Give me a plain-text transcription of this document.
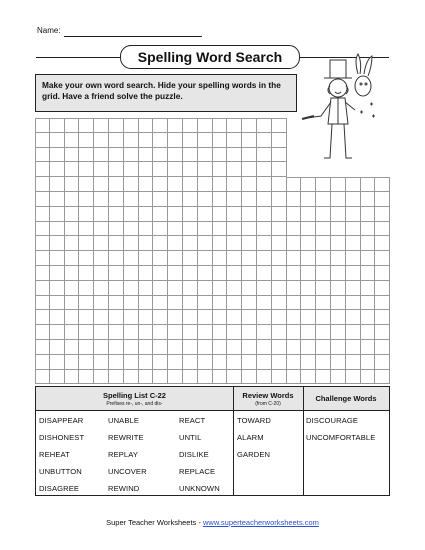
Name:
Spelling Word Search
Make your own word search. Hide your spelling words in the grid. Have a friend solve the puzzle.
Spelling List C-22
Prefixes re-, un-, and dis-
Review Words
(from C-20)
Challenge Words
DISAPPEAR
DISHONEST
REHEAT
UNBUTTON
DISAGREE
UNABLE
REWRITE
REPLAY
UNCOVER
REWIND
REACT
UNTIL
DISLIKE
REPLACE
UNKNOWN
TOWARD
ALARM
GARDEN
DISCOURAGE
UNCOMFORTABLE
Super Teacher Worksheets - www.superteacherworksheets.com
